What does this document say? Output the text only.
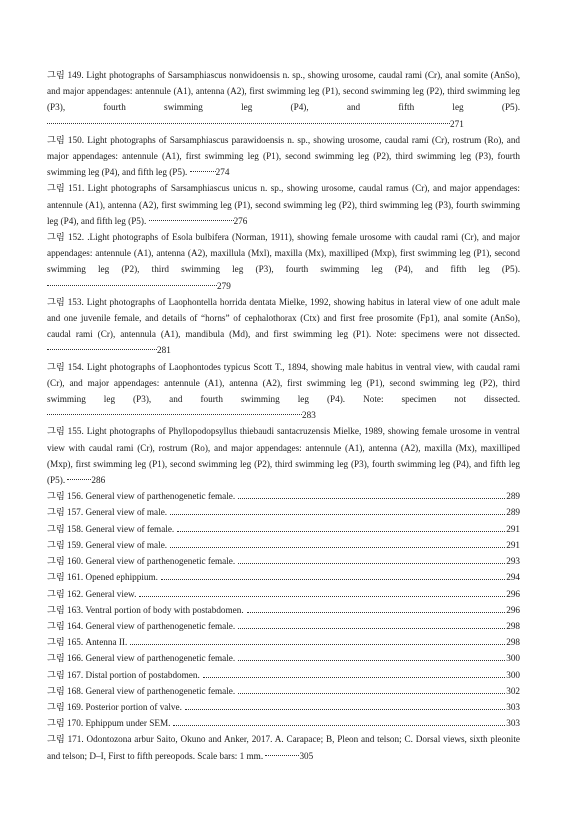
그림 149. Light photographs of Sarsamphiascus nonwidoensis n. sp., showing urosome, caudal rami (Cr), anal somite (AnSo), and major appendages: antennule (A1), antenna (A2), first swimming leg (P1), second swimming leg (P2), third swimming leg (P3), fourth swimming leg (P4), and fifth leg (P5). 271

그림 150. Light photographs of Sarsamphiascus parawidoensis n. sp., showing urosome, caudal rami (Cr), rostrum (Ro), and major appendages: antennule (A1), first swimming leg (P1), second swimming leg (P2), third swimming leg (P3), fourth swimming leg (P4), and fifth leg (P5).	274

그림 151. Light photographs of Sarsamphiascus unicus n. sp., showing urosome, caudal ramus (Cr), and major appendages: antennule (A1), antenna (A2), first swimming leg (P1), second swimming leg (P2), third swimming leg (P3), fourth swimming leg (P4), and fifth leg (P5).	276

그림 152. .Light photographs of Esola bulbifera (Norman, 1911), showing female urosome with caudal rami (Cr), and major appendages: antennule (A1), antenna (A2), maxillula (Mxl), maxilla (Mx), maxilliped (Mxp), first swimming leg (P1), second swimming leg (P2), third swimming leg (P3), fourth swimming leg (P4), and fifth leg (P5). 279

그림 153. Light photographs of Laophontella horrida dentata Mielke, 1992, showing habitus in lateral view of one adult male and one juvenile female, and details of “horns” of cephalothorax (Ctx) and first free prosomite (Fp1), anal somite (AnSo), caudal rami (Cr), antennula (A1), mandibula (Md), and first swimming leg (P1). Note: specimens were not dissected. 281

그림 154. Light photographs of Laophontodes typicus Scott T., 1894, showing male habitus in ventral view, with caudal rami (Cr), and major appendages: antennule (A1), antenna (A2), first swimming leg (P1), second swimming leg (P2), third swimming leg (P3), and fourth swimming leg (P4). Note: specimen not dissected. 283

그림 155. Light photographs of Phyllopodopsyllus thiebaudi santacruzensis Mielke, 1989, showing female urosome in ventral view with caudal rami (Cr), rostrum (Ro), and major appendages: antennule (A1), antenna (A2), maxilla (Mx), maxilliped (Mxp), first swimming leg (P1), second swimming leg (P2), third swimming leg (P3), fourth swimming leg (P4), and fifth leg (P5).	286

그림 156.
General view of parthenogenetic female.	289
그림 157.
General view of male.	289
그림 158.
General view of female.	291
그림 159.
General view of male.	291
그림 160.
General view of parthenogenetic female.	293
그림 161.
Opened ephippium.	294
그림 162.
General view.	296
그림 163.
Ventral portion of body with postabdomen.	296
그림 164.
General view of parthenogenetic female.	298
그림 165.
Antenna II.	298
그림 166.
General view of parthenogenetic female.	300
그림 167.
Distal portion of postabdomen.	300
그림 168.
General view of parthenogenetic female.	302
그림 169.
Posterior portion of valve.	303
그림 170.
Ephippum under SEM.	303

그림 171. Odontozona arbur Saito, Okuno and Anker, 2017. A. Carapace; B, Pleon and telson; C. Dorsal views, sixth pleonite and telson; D–I, First to fifth pereopods. Scale bars: 1 mm.	305
